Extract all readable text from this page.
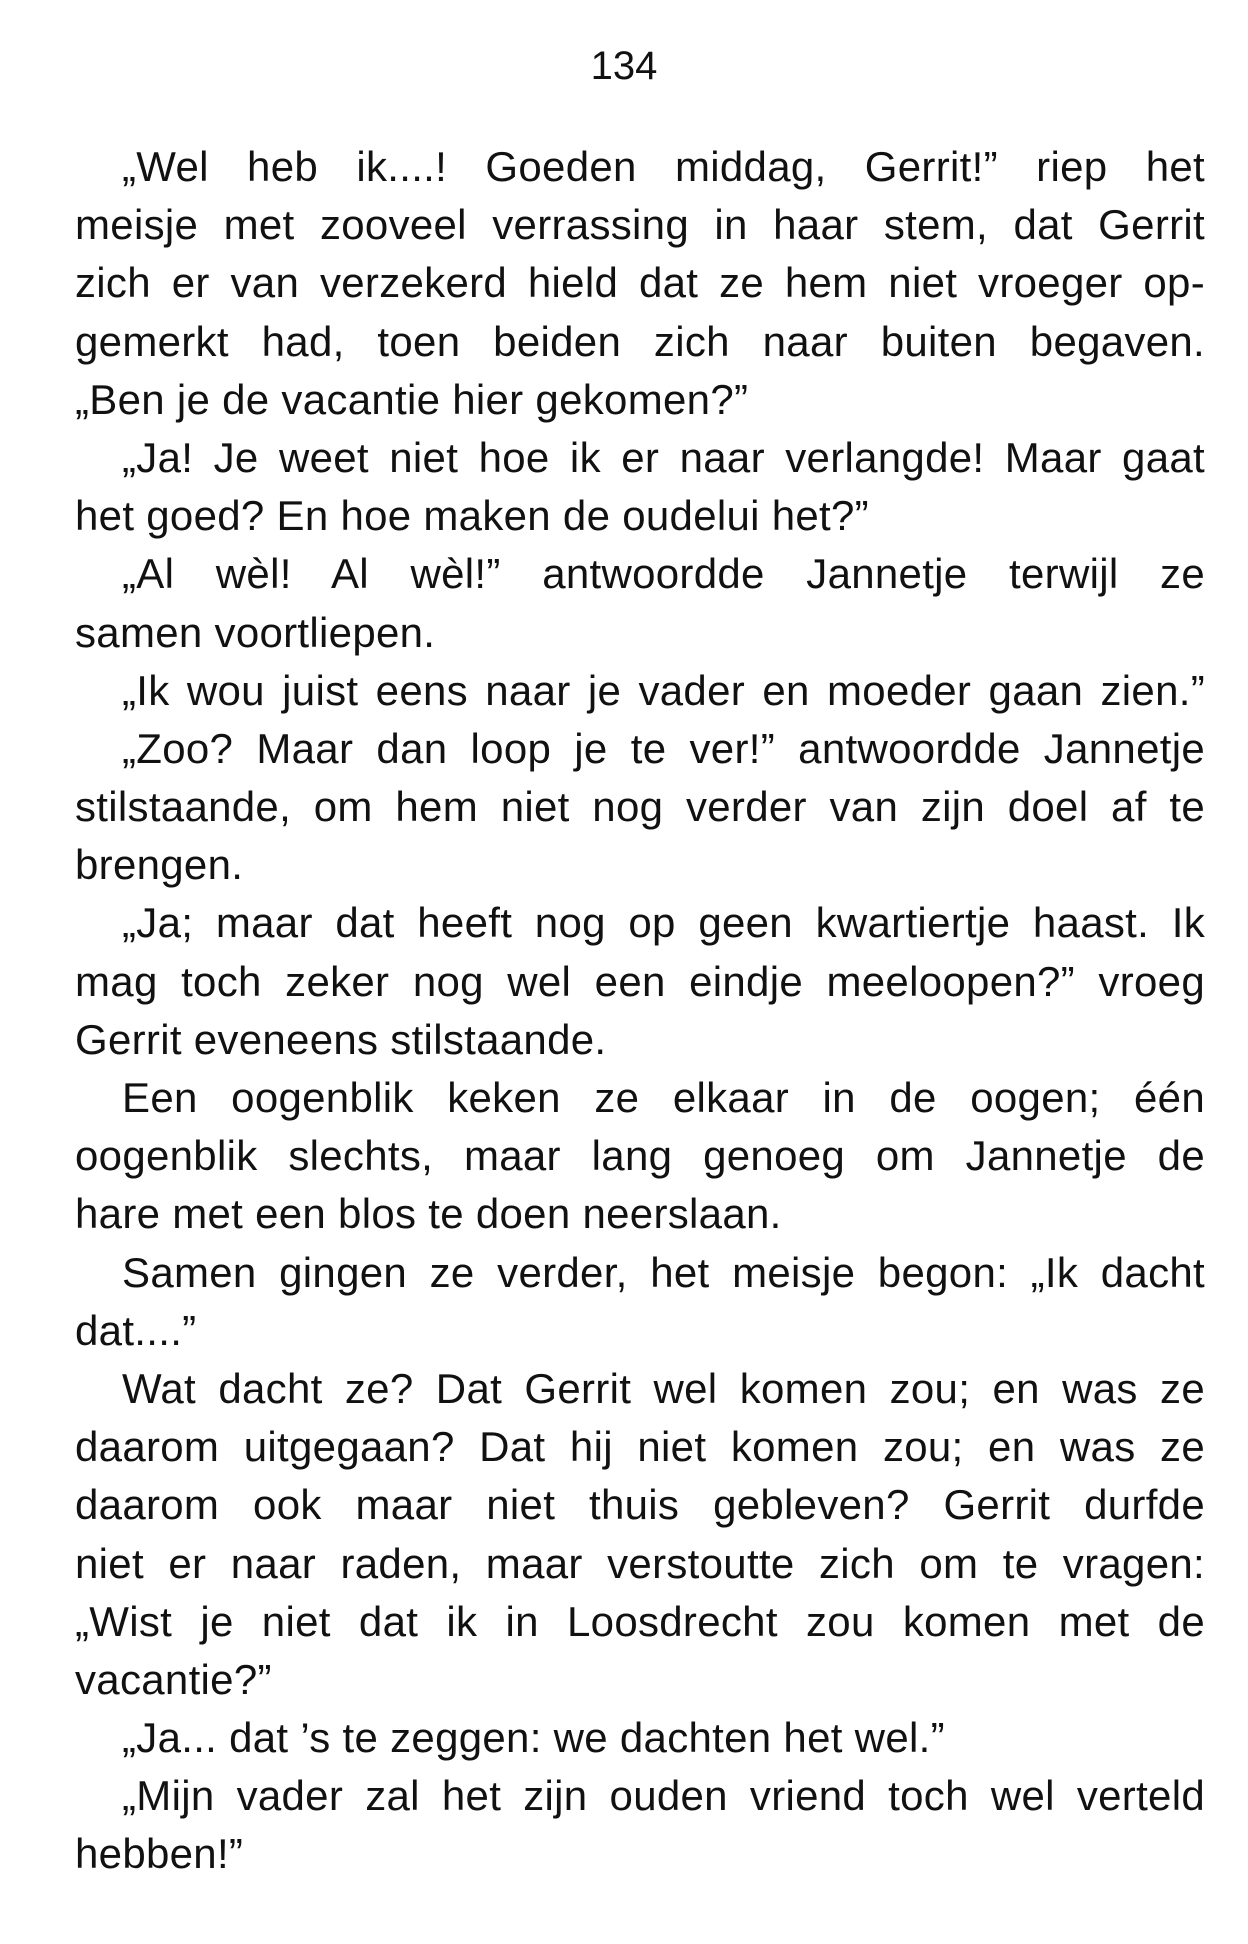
134
„Wel heb ik....! Goeden middag, Gerrit!” riep het
meisje met zooveel verrassing in haar stem, dat Gerrit
zich er van verzekerd hield dat ze hem niet vroeger op-
gemerkt had, toen beiden zich naar buiten begaven.
„Ben je de vacantie hier gekomen?”
„Ja! Je weet niet hoe ik er naar verlangde! Maar gaat
het goed? En hoe maken de oudelui het?”
„Al wèl! Al wèl!” antwoordde Jannetje terwijl ze
samen voortliepen.
„Ik wou juist eens naar je vader en moeder gaan zien.”
„Zoo? Maar dan loop je te ver!” antwoordde Jannetje
stilstaande, om hem niet nog verder van zijn doel af te
brengen.
„Ja; maar dat heeft nog op geen kwartiertje haast. Ik
mag toch zeker nog wel een eindje meeloopen?” vroeg
Gerrit eveneens stilstaande.
Een oogenblik keken ze elkaar in de oogen; één
oogenblik slechts, maar lang genoeg om Jannetje de
hare met een blos te doen neerslaan.
Samen gingen ze verder, het meisje begon: „Ik dacht
dat....”
Wat dacht ze? Dat Gerrit wel komen zou; en was ze
daarom uitgegaan? Dat hij niet komen zou; en was ze
daarom ook maar niet thuis gebleven? Gerrit durfde
niet er naar raden, maar verstoutte zich om te vragen:
„Wist je niet dat ik in Loosdrecht zou komen met de
vacantie?”
„Ja... dat ’s te zeggen: we dachten het wel.”
„Mijn vader zal het zijn ouden vriend toch wel verteld
hebben!”
